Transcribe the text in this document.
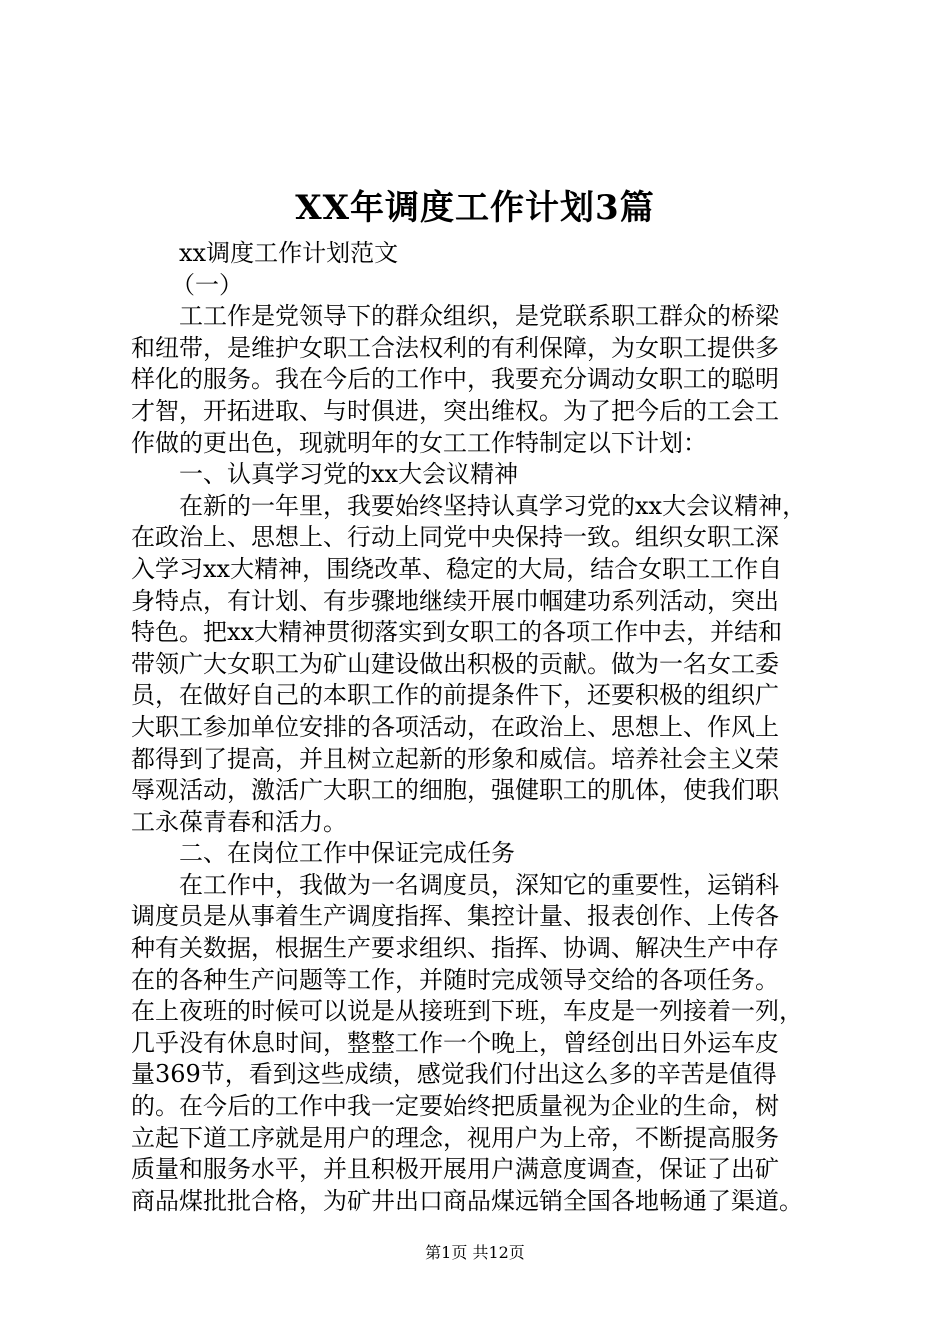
XX年调度工作计划3篇
xx调度工作计划范文
（一）
工工作是党领导下的群众组织，是党联系职工群众的桥梁
和纽带，是维护女职工合法权利的有利保障，为女职工提供多
样化的服务。我在今后的工作中，我要充分调动女职工的聪明
才智，开拓进取、与时俱进，突出维权。为了把今后的工会工
作做的更出色，现就明年的女工工作特制定以下计划：
一、认真学习党的xx大会议精神
在新的一年里，我要始终坚持认真学习党的xx大会议精神，
在政治上、思想上、行动上同党中央保持一致。组织女职工深
入学习xx大精神，围绕改革、稳定的大局，结合女职工工作自
身特点，有计划、有步骤地继续开展巾帼建功系列活动，突出
特色。把xx大精神贯彻落实到女职工的各项工作中去，并结和
带领广大女职工为矿山建设做出积极的贡献。做为一名女工委
员，在做好自己的本职工作的前提条件下，还要积极的组织广
大职工参加单位安排的各项活动，在政治上、思想上、作风上
都得到了提高，并且树立起新的形象和威信。培养社会主义荣
辱观活动，激活广大职工的细胞，强健职工的肌体，使我们职
工永葆青春和活力。
二、在岗位工作中保证完成任务
在工作中，我做为一名调度员，深知它的重要性，运销科
调度员是从事着生产调度指挥、集控计量、报表创作、上传各
种有关数据，根据生产要求组织、指挥、协调、解决生产中存
在的各种生产问题等工作，并随时完成领导交给的各项任务。
在上夜班的时候可以说是从接班到下班，车皮是一列接着一列，
几乎没有休息时间，整整工作一个晚上，曾经创出日外运车皮
量369节，看到这些成绩，感觉我们付出这么多的辛苦是值得
的。在今后的工作中我一定要始终把质量视为企业的生命，树
立起下道工序就是用户的理念，视用户为上帝，不断提高服务
质量和服务水平，并且积极开展用户满意度调查，保证了出矿
商品煤批批合格，为矿井出口商品煤远销全国各地畅通了渠道。
第1页 共12页
